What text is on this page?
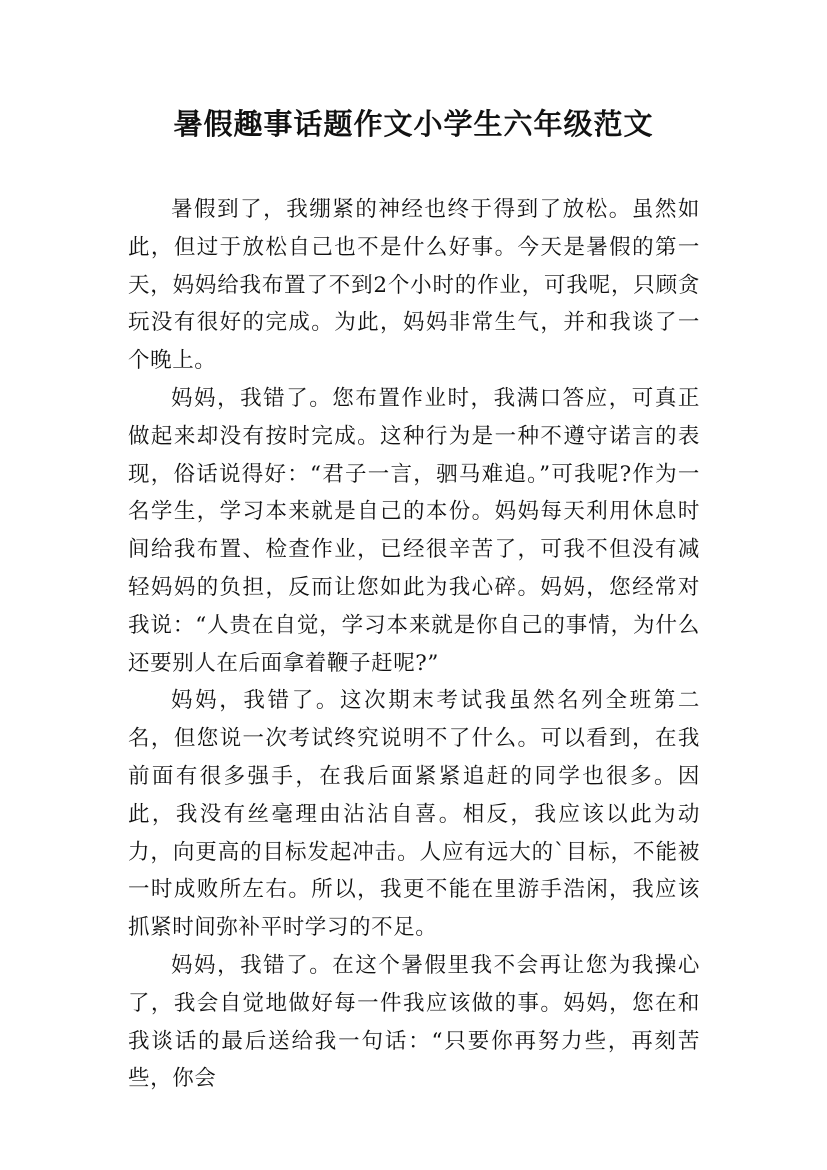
暑假趣事话题作文小学生六年级范文

暑假到了，我绷紧的神经也终于得到了放松。虽然如此，但过于放松自己也不是什么好事。今天是暑假的第一天，妈妈给我布置了不到2个小时的作业，可我呢，只顾贪玩没有很好的完成。为此，妈妈非常生气，并和我谈了一个晚上。

妈妈，我错了。您布置作业时，我满口答应，可真正做起来却没有按时完成。这种行为是一种不遵守诺言的表现，俗话说得好：“君子一言，驷马难追。”可我呢?作为一名学生，学习本来就是自己的本份。妈妈每天利用休息时间给我布置、检查作业，已经很辛苦了，可我不但没有减轻妈妈的负担，反而让您如此为我心碎。妈妈，您经常对我说：“人贵在自觉，学习本来就是你自己的事情，为什么还要别人在后面拿着鞭子赶呢?”

妈妈，我错了。这次期末考试我虽然名列全班第二名，但您说一次考试终究说明不了什么。可以看到，在我前面有很多强手，在我后面紧紧追赶的同学也很多。因此，我没有丝毫理由沾沾自喜。相反，我应该以此为动力，向更高的目标发起冲击。人应有远大的`目标，不能被一时成败所左右。所以，我更不能在里游手浩闲，我应该抓紧时间弥补平时学习的不足。

妈妈，我错了。在这个暑假里我不会再让您为我操心了，我会自觉地做好每一件我应该做的事。妈妈，您在和我谈话的最后送给我一句话：“只要你再努力些，再刻苦些，你会
